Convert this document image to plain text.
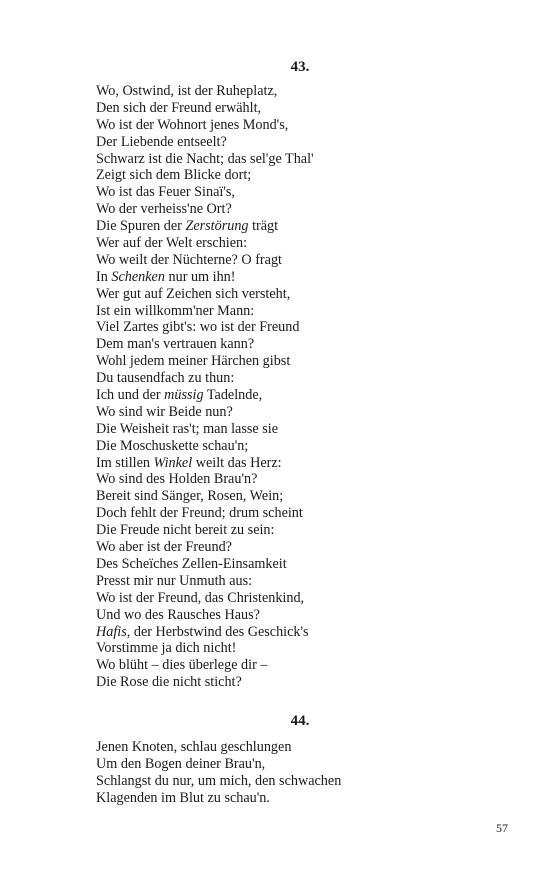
43.
Wo, Ostwind, ist der Ruheplatz,
Den sich der Freund erwählt,
Wo ist der Wohnort jenes Mond's,
Der Liebende entseelt?
Schwarz ist die Nacht; das sel'ge Thal'
Zeigt sich dem Blicke dort;
Wo ist das Feuer Sinaï's,
Wo der verheiss'ne Ort?
Die Spuren der Zerstörung trägt
Wer auf der Welt erschien:
Wo weilt der Nüchterne? O fragt
In Schenken nur um ihn!
Wer gut auf Zeichen sich versteht,
Ist ein willkomm'ner Mann:
Viel Zartes gibt's: wo ist der Freund
Dem man's vertrauen kann?
Wohl jedem meiner Härchen gibst
Du tausendfach zu thun:
Ich und der müssig Tadelnde,
Wo sind wir Beide nun?
Die Weisheit ras't; man lasse sie
Die Moschuskette schau'n;
Im stillen Winkel weilt das Herz:
Wo sind des Holden Brau'n?
Bereit sind Sänger, Rosen, Wein;
Doch fehlt der Freund; drum scheint
Die Freude nicht bereit zu sein:
Wo aber ist der Freund?
Des Scheïches Zellen-Einsamkeit
Presst mir nur Unmuth aus:
Wo ist der Freund, das Christenkind,
Und wo des Rausches Haus?
Hafis, der Herbstwind des Geschick's
Vorstimme ja dich nicht!
Wo blüht – dies überlege dir –
Die Rose die nicht sticht?
44.
Jenen Knoten, schlau geschlungen
Um den Bogen deiner Brau'n,
Schlangst du nur, um mich, den schwachen
Klagenden im Blut zu schau'n.
57
